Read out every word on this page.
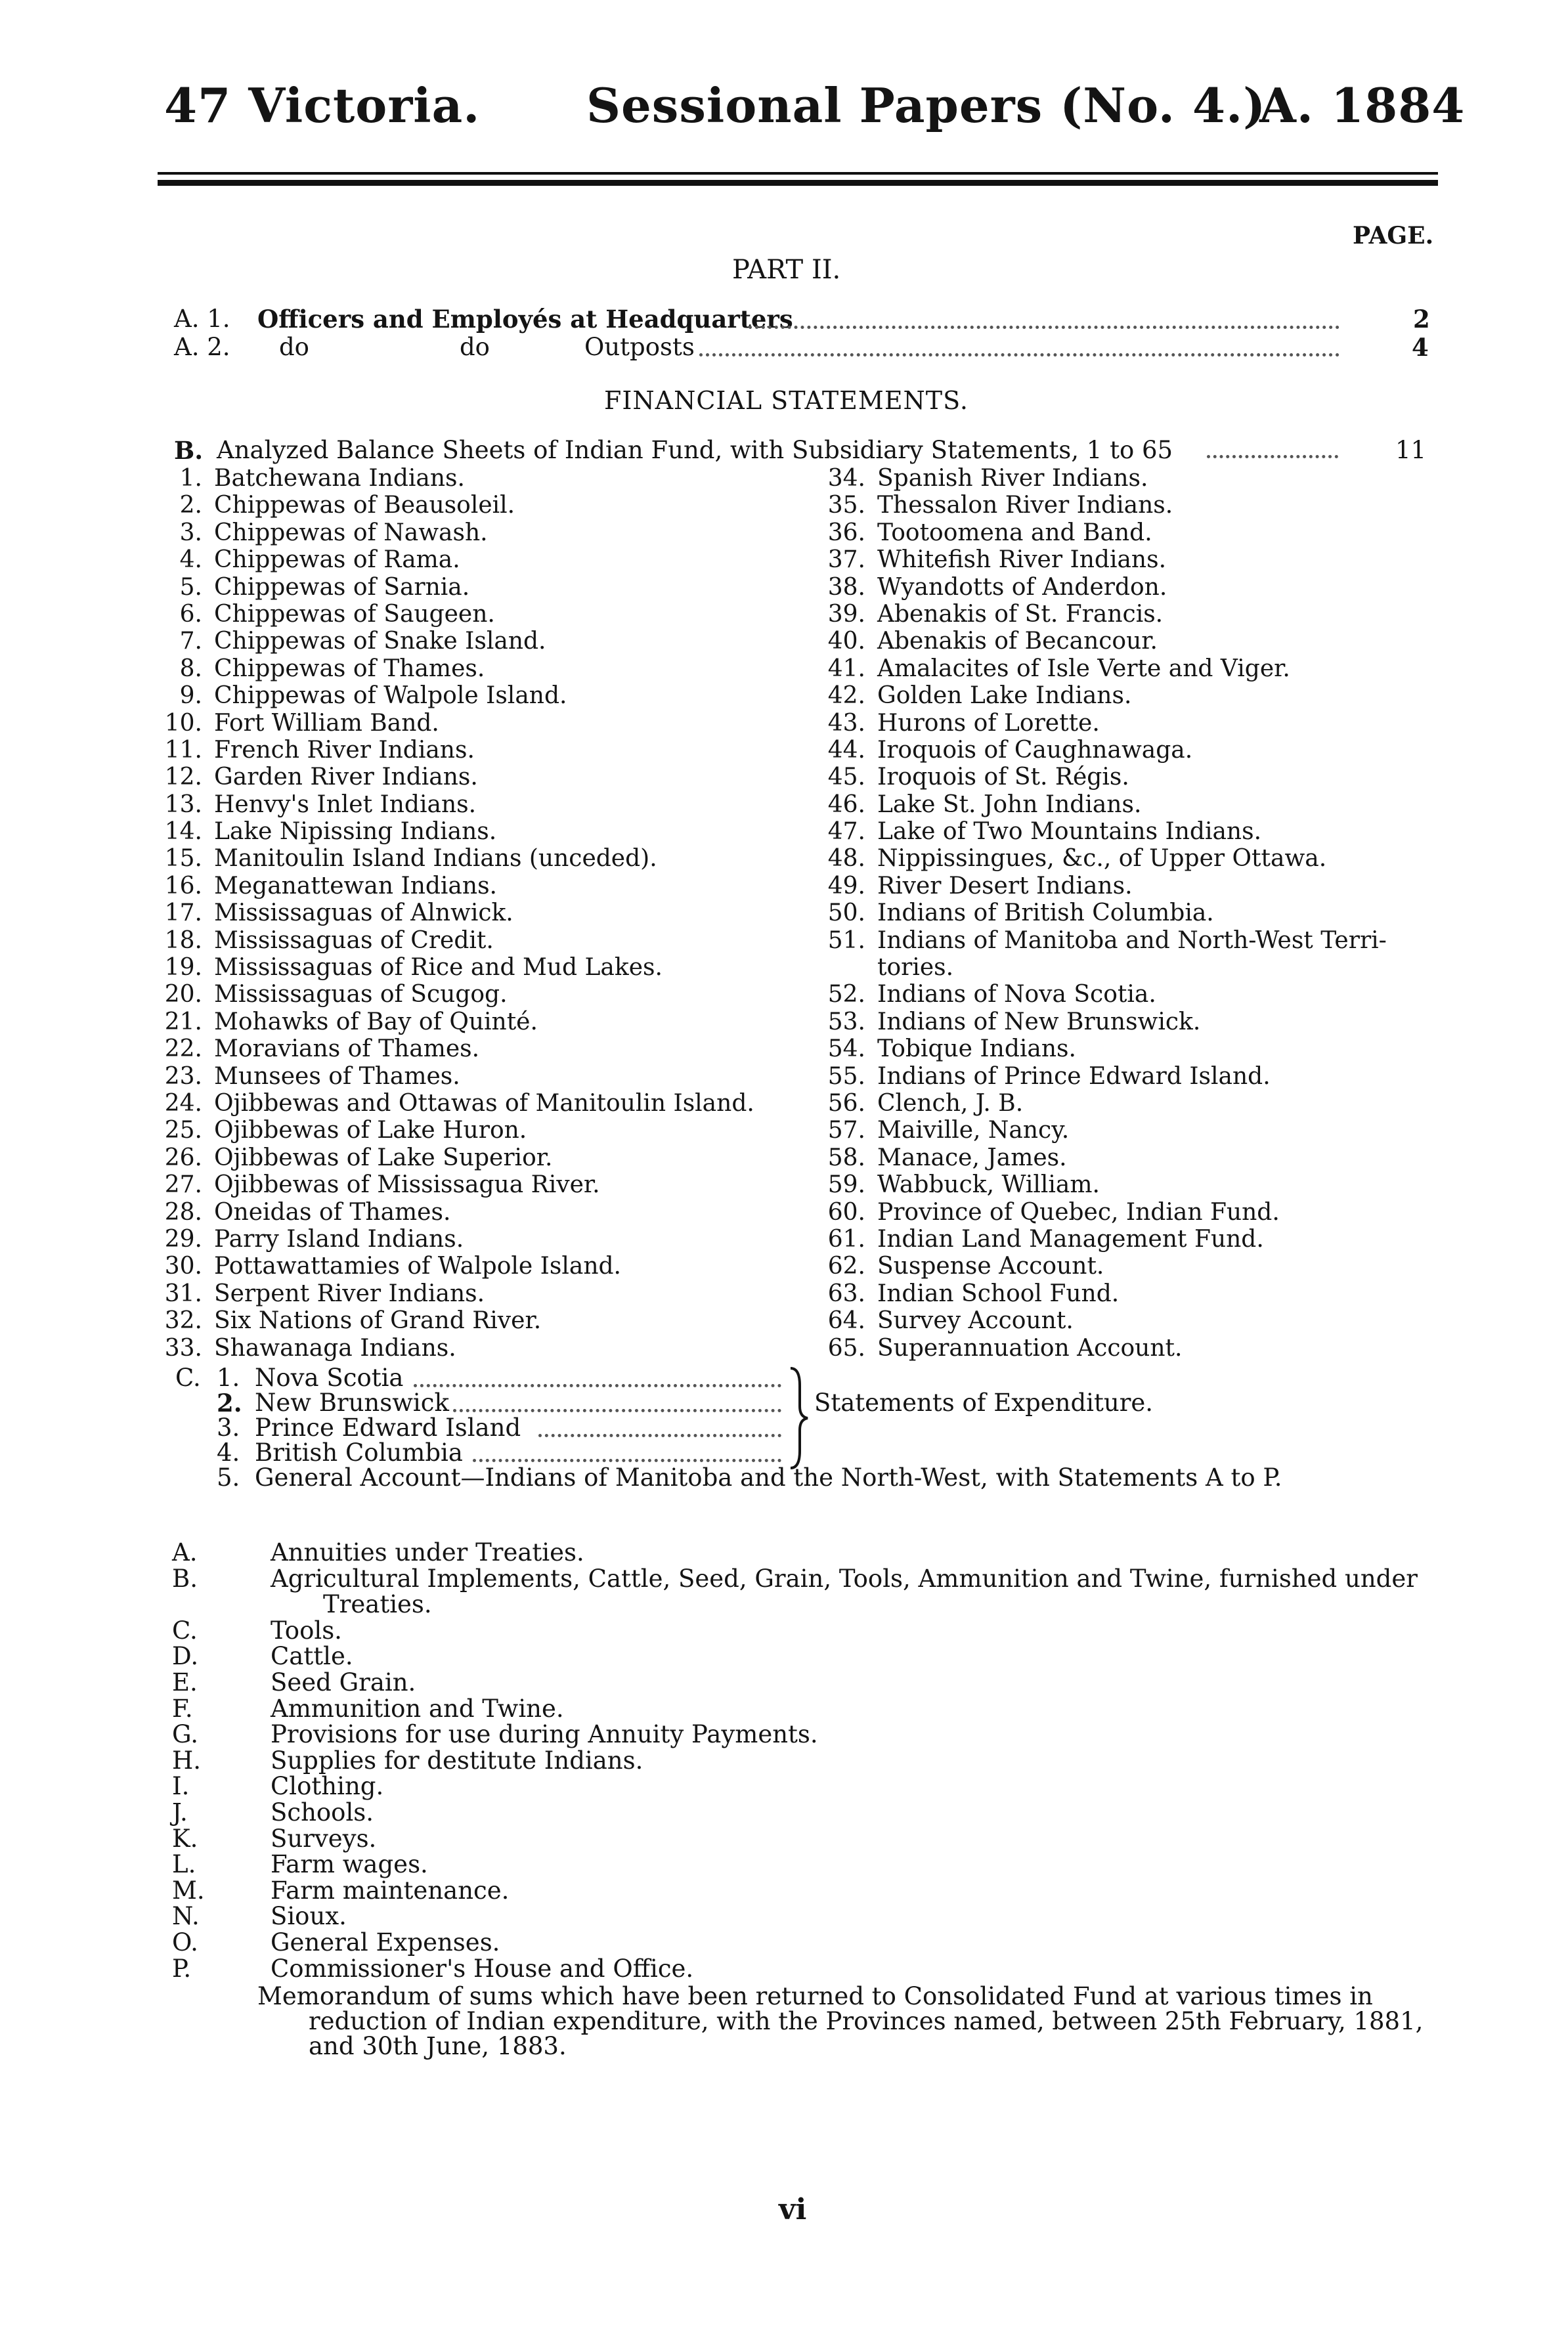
47 Victoria. Sessional Papers (No. 4.)
A. 1884
PAGE.
PART II.
A. 1. Officers and Employés at Headquarters	2
A. 2. do	do	Outposts	4
FINANCIAL STATEMENTS.
B. Analyzed Balance Sheets of Indian Fund, with Subsidiary Statements, 1 to 65	11
1. Batchewana Indians.
2. Chippewas of Beausoleil.
3. Chippewas of Nawash.
4. Chippewas of Rama.
5. Chippewas of Sarnia.
6. Chippewas of Saugeen.
7. Chippewas of Snake Island.
8. Chippewas of Thames.
9. Chippewas of Walpole Island.
10. Fort William Band.
11. French River Indians.
12. Garden River Indians.
13. Henvy's Inlet Indians.
14. Lake Nipissing Indians.
15. Manitoulin Island Indians (unceded).
16. Meganattewan Indians.
17. Mississaguas of Alnwick.
18. Mississaguas of Credit.
19. Mississaguas of Rice and Mud Lakes.
20. Mississaguas of Scugog.
21. Mohawks of Bay of Quinté.
22. Moravians of Thames.
23. Munsees of Thames.
24. Ojibbewas and Ottawas of Manitoulin Island.
25. Ojibbewas of Lake Huron.
26. Ojibbewas of Lake Superior.
27. Ojibbewas of Mississagua River.
28. Oneidas of Thames.
29. Parry Island Indians.
30. Pottawattamies of Walpole Island.
31. Serpent River Indians.
32. Six Nations of Grand River.
33. Shawanaga Indians.
34. Spanish River Indians.
35. Thessalon River Indians.
36. Tootoomena and Band.
37. Whitefish River Indians.
38. Wyandotts of Anderdon.
39. Abenakis of St. Francis.
40. Abenakis of Becancour.
41. Amalacites of Isle Verte and Viger.
42. Golden Lake Indians.
43. Hurons of Lorette.
44. Iroquois of Caughnawaga.
45. Iroquois of St. Régis.
46. Lake St. John Indians.
47. Lake of Two Mountains Indians.
48. Nippissingues, &c., of Upper Ottawa.
49. River Desert Indians.
50. Indians of British Columbia.
51. Indians of Manitoba and North-West Terri-
tories.
52. Indians of Nova Scotia.
53. Indians of New Brunswick.
54. Tobique Indians.
55. Indians of Prince Edward Island.
56. Clench, J. B.
57. Maiville, Nancy.
58. Manace, James.
59. Wabbuck, William.
60. Province of Quebec, Indian Fund.
61. Indian Land Management Fund.
62. Suspense Account.
63. Indian School Fund.
64. Survey Account.
65. Superannuation Account.
C. 1. Nova Scotia
2. New Brunswick
3. Prince Edward Island
4. British Columbia
Statements of Expenditure.
5. General Account—Indians of Manitoba and the North-West, with Statements A to P.
A.	Annuities under Treaties.
B.	Agricultural Implements, Cattle, Seed, Grain, Tools, Ammunition and Twine, furnished under
Treaties.
C.	Tools.
D.	Cattle.
E.	Seed Grain.
F.	Ammunition and Twine.
G.	Provisions for use during Annuity Payments.
H.	Supplies for destitute Indians.
I.	Clothing.
J.	Schools.
K.	Surveys.
L.	Farm wages.
M.	Farm maintenance.
N.	Sioux.
O.	General Expenses.
P.	Commissioner's House and Office.
Memorandum of sums which have been returned to Consolidated Fund at various times in
reduction of Indian expenditure, with the Provinces named, between 25th February, 1881,
and 30th June, 1883.
vi
